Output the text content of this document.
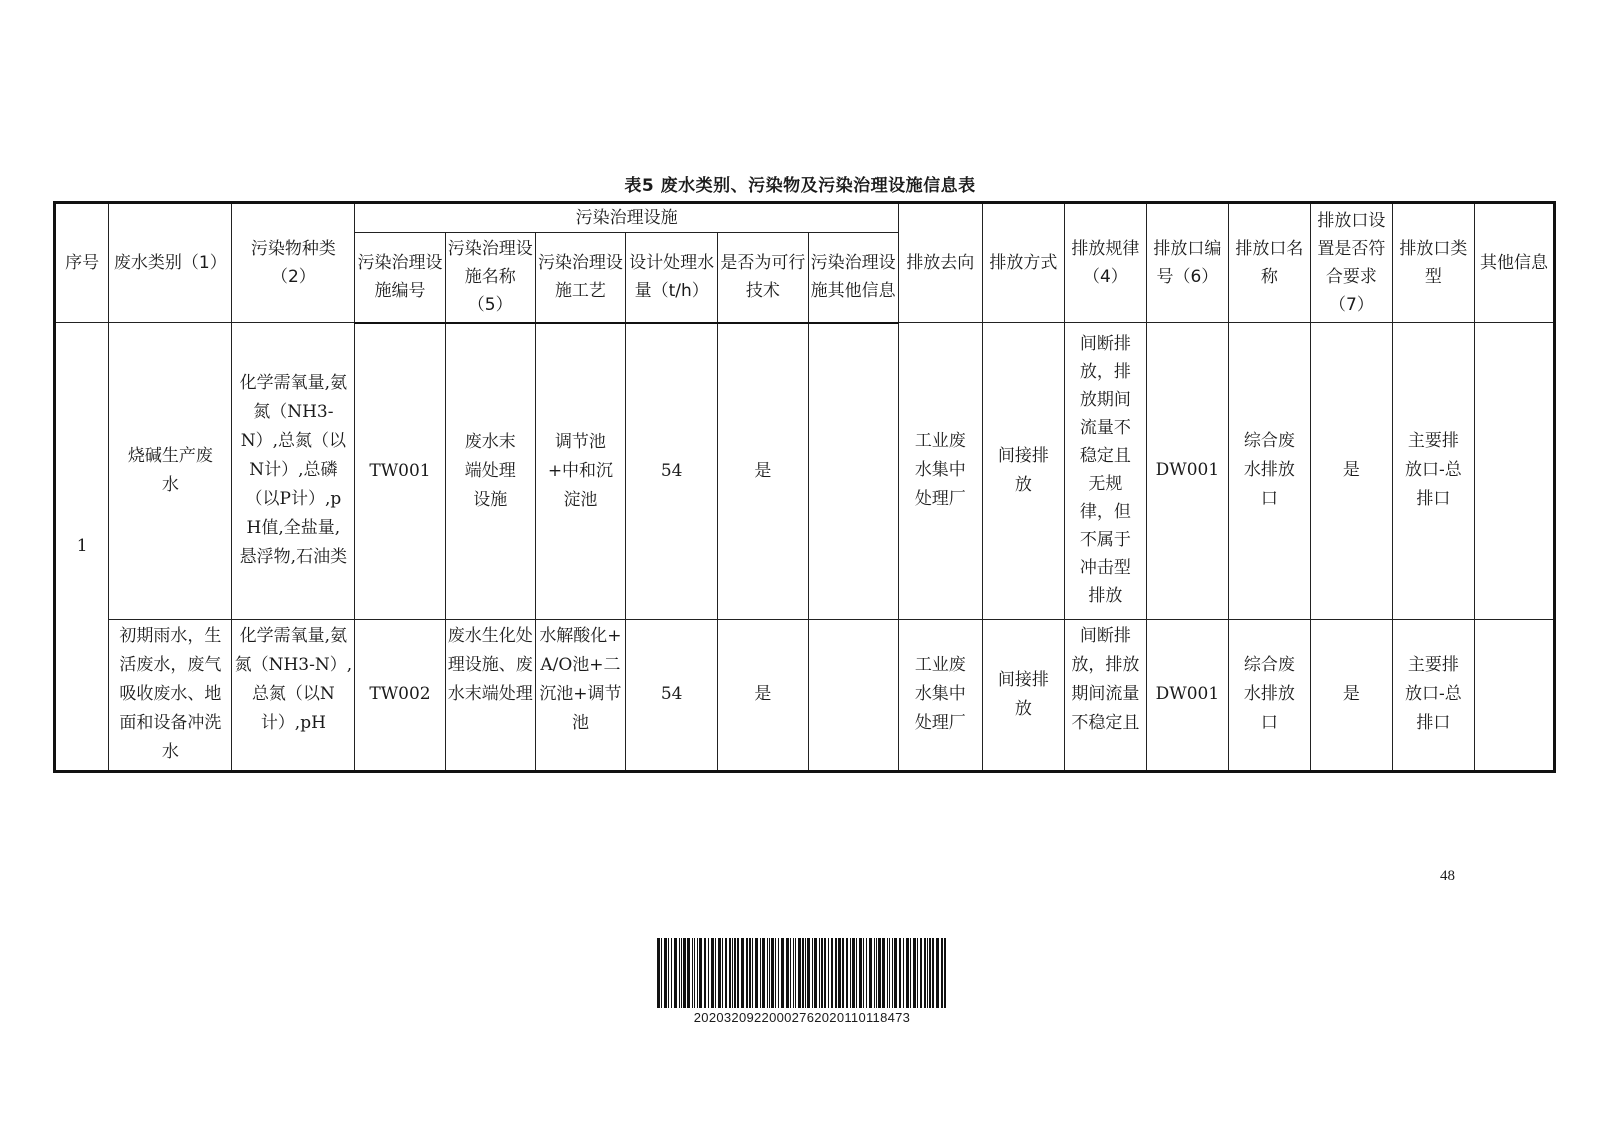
表5 废水类别、污染物及污染治理设施信息表
序号	废水类别（1）	污染物种类（2）	污染治理设施						排放去向	排放方式	排放规律（4）	排放口编号（6）	排放口名称	排放口设置是否符合要求（7）	排放口类型	其他信息
			污染治理设施编号	污染治理设施名称（5）	污染治理设施工艺	设计处理水量（t/h）	是否为可行技术	污染治理设施其他信息								
1	烧碱生产废水	化学需氧量,氨氮（NH3-N）,总氮（以N计）,总磷（以P计）,pH值,全盐量,悬浮物,石油类	TW001	废水末端处理设施	调节池+中和沉淀池	54	是		工业废水集中处理厂	间接排放	间断排放，排放期间流量不稳定且无规律，但不属于冲击型排放	DW001	综合废水排放口	是	主要排放口-总排口	

	初期雨水，生活废水，废气吸收废水、地面和设备冲洗水	化学需氧量,氨氮（NH3-N）,总氮（以N计）,pH	TW002	废水生化处理设施、废水末端处理	水解酸化+A/O池+二沉池+调节池	54	是		工业废水集中处理厂	间接排放	间断排放，排放期间流量不稳定且	DW001	综合废水排放口	是	主要排放口-总排口	
48
20203209220002762020110118473
